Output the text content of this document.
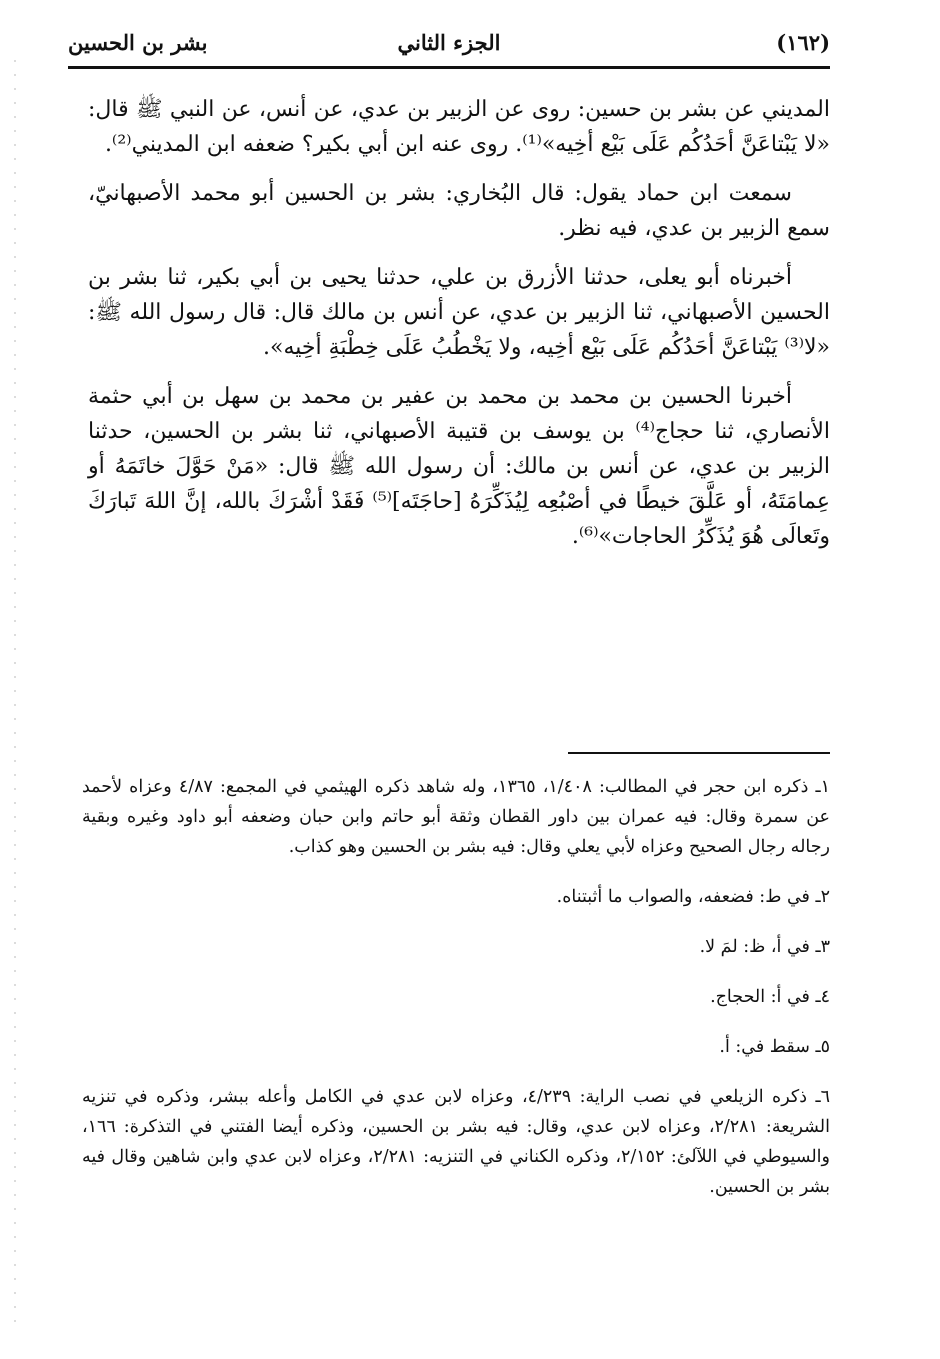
(١٦٢)
الجزء الثاني
بشر بن الحسين

المديني عن بشر بن حسين: روى عن الزبير بن عدي، عن أنس، عن النبي ﷺ قال: «لا يَبْتاعَنَّ أحَدُكُم عَلَى بَيْع أخِيه»⁽¹⁾. روى عنه ابن أبي بكير؟ ضعفه ابن المديني⁽²⁾.

سمعت ابن حماد يقول: قال البُخاري: بشر بن الحسين أبو محمد الأصبهانيّ، سمع الزبير بن عدي، فيه نظر.

أخبرناه أبو يعلى، حدثنا الأزرق بن علي، حدثنا يحيى بن أبي بكير، ثنا بشر بن الحسين الأصبهاني، ثنا الزبير بن عدي، عن أنس بن مالك قال: قال رسول الله ﷺ: «لا⁽³⁾ يَبْتاعَنَّ أحَدُكُم عَلَى بَيْع أخِيه، ولا يَخْطُبُ عَلَى خِطْبَةِ أخِيه».

أخبرنا الحسين بن محمد بن محمد بن عفير بن محمد بن سهل بن أبي حثمة الأنصاري، ثنا حجاج⁽⁴⁾ بن يوسف بن قتيبة الأصبهاني، ثنا بشر بن الحسين، حدثنا الزبير بن عدي، عن أنس بن مالك: أن رسول الله ﷺ قال: «مَنْ حَوَّلَ خاتَمَهُ أو عِمامَتَهُ، أو عَلَّقَ خيطًا في أصْبُعِه لِيُذَكِّرَهُ [حاجَتَه]⁽⁵⁾ فَقَدْ أشْرَكَ بالله، إنَّ اللهَ تَبارَكَ وتَعالَى هُوَ يُذَكِّرُ الحاجات»⁽⁶⁾.

١ـ ذكره ابن حجر في المطالب: ١/٤٠٨، ١٣٦٥، وله شاهد ذكره الهيثمي في المجمع: ٤/٨٧ وعزاه لأحمد عن سمرة وقال: فيه عمران بين داور القطان وثقة أبو حاتم وابن حبان وضعفه أبو داود وغيره وبقية رجاله رجال الصحيح وعزاه لأبي يعلي وقال: فيه بشر بن الحسين وهو كذاب.

٢ـ في ط: فضعفه، والصواب ما أثبتناه.

٣ـ في أ، ظ: لمَ لا.

٤ـ في أ: الحجاج.

٥ـ سقط في: أ.

٦ـ ذكره الزيلعي في نصب الراية: ٤/٢٣٩، وعزاه لابن عدي في الكامل وأعله ببشر، وذكره في تنزيه الشريعة: ٢/٢٨١، وعزاه لابن عدي، وقال: فيه بشر بن الحسين، وذكره أيضا الفتني في التذكرة: ١٦٦، والسيوطي في اللآلئ: ٢/١٥٢، وذكره الكناني في التنزيه: ٢/٢٨١، وعزاه لابن عدي وابن شاهين وقال فيه بشر بن الحسين.
